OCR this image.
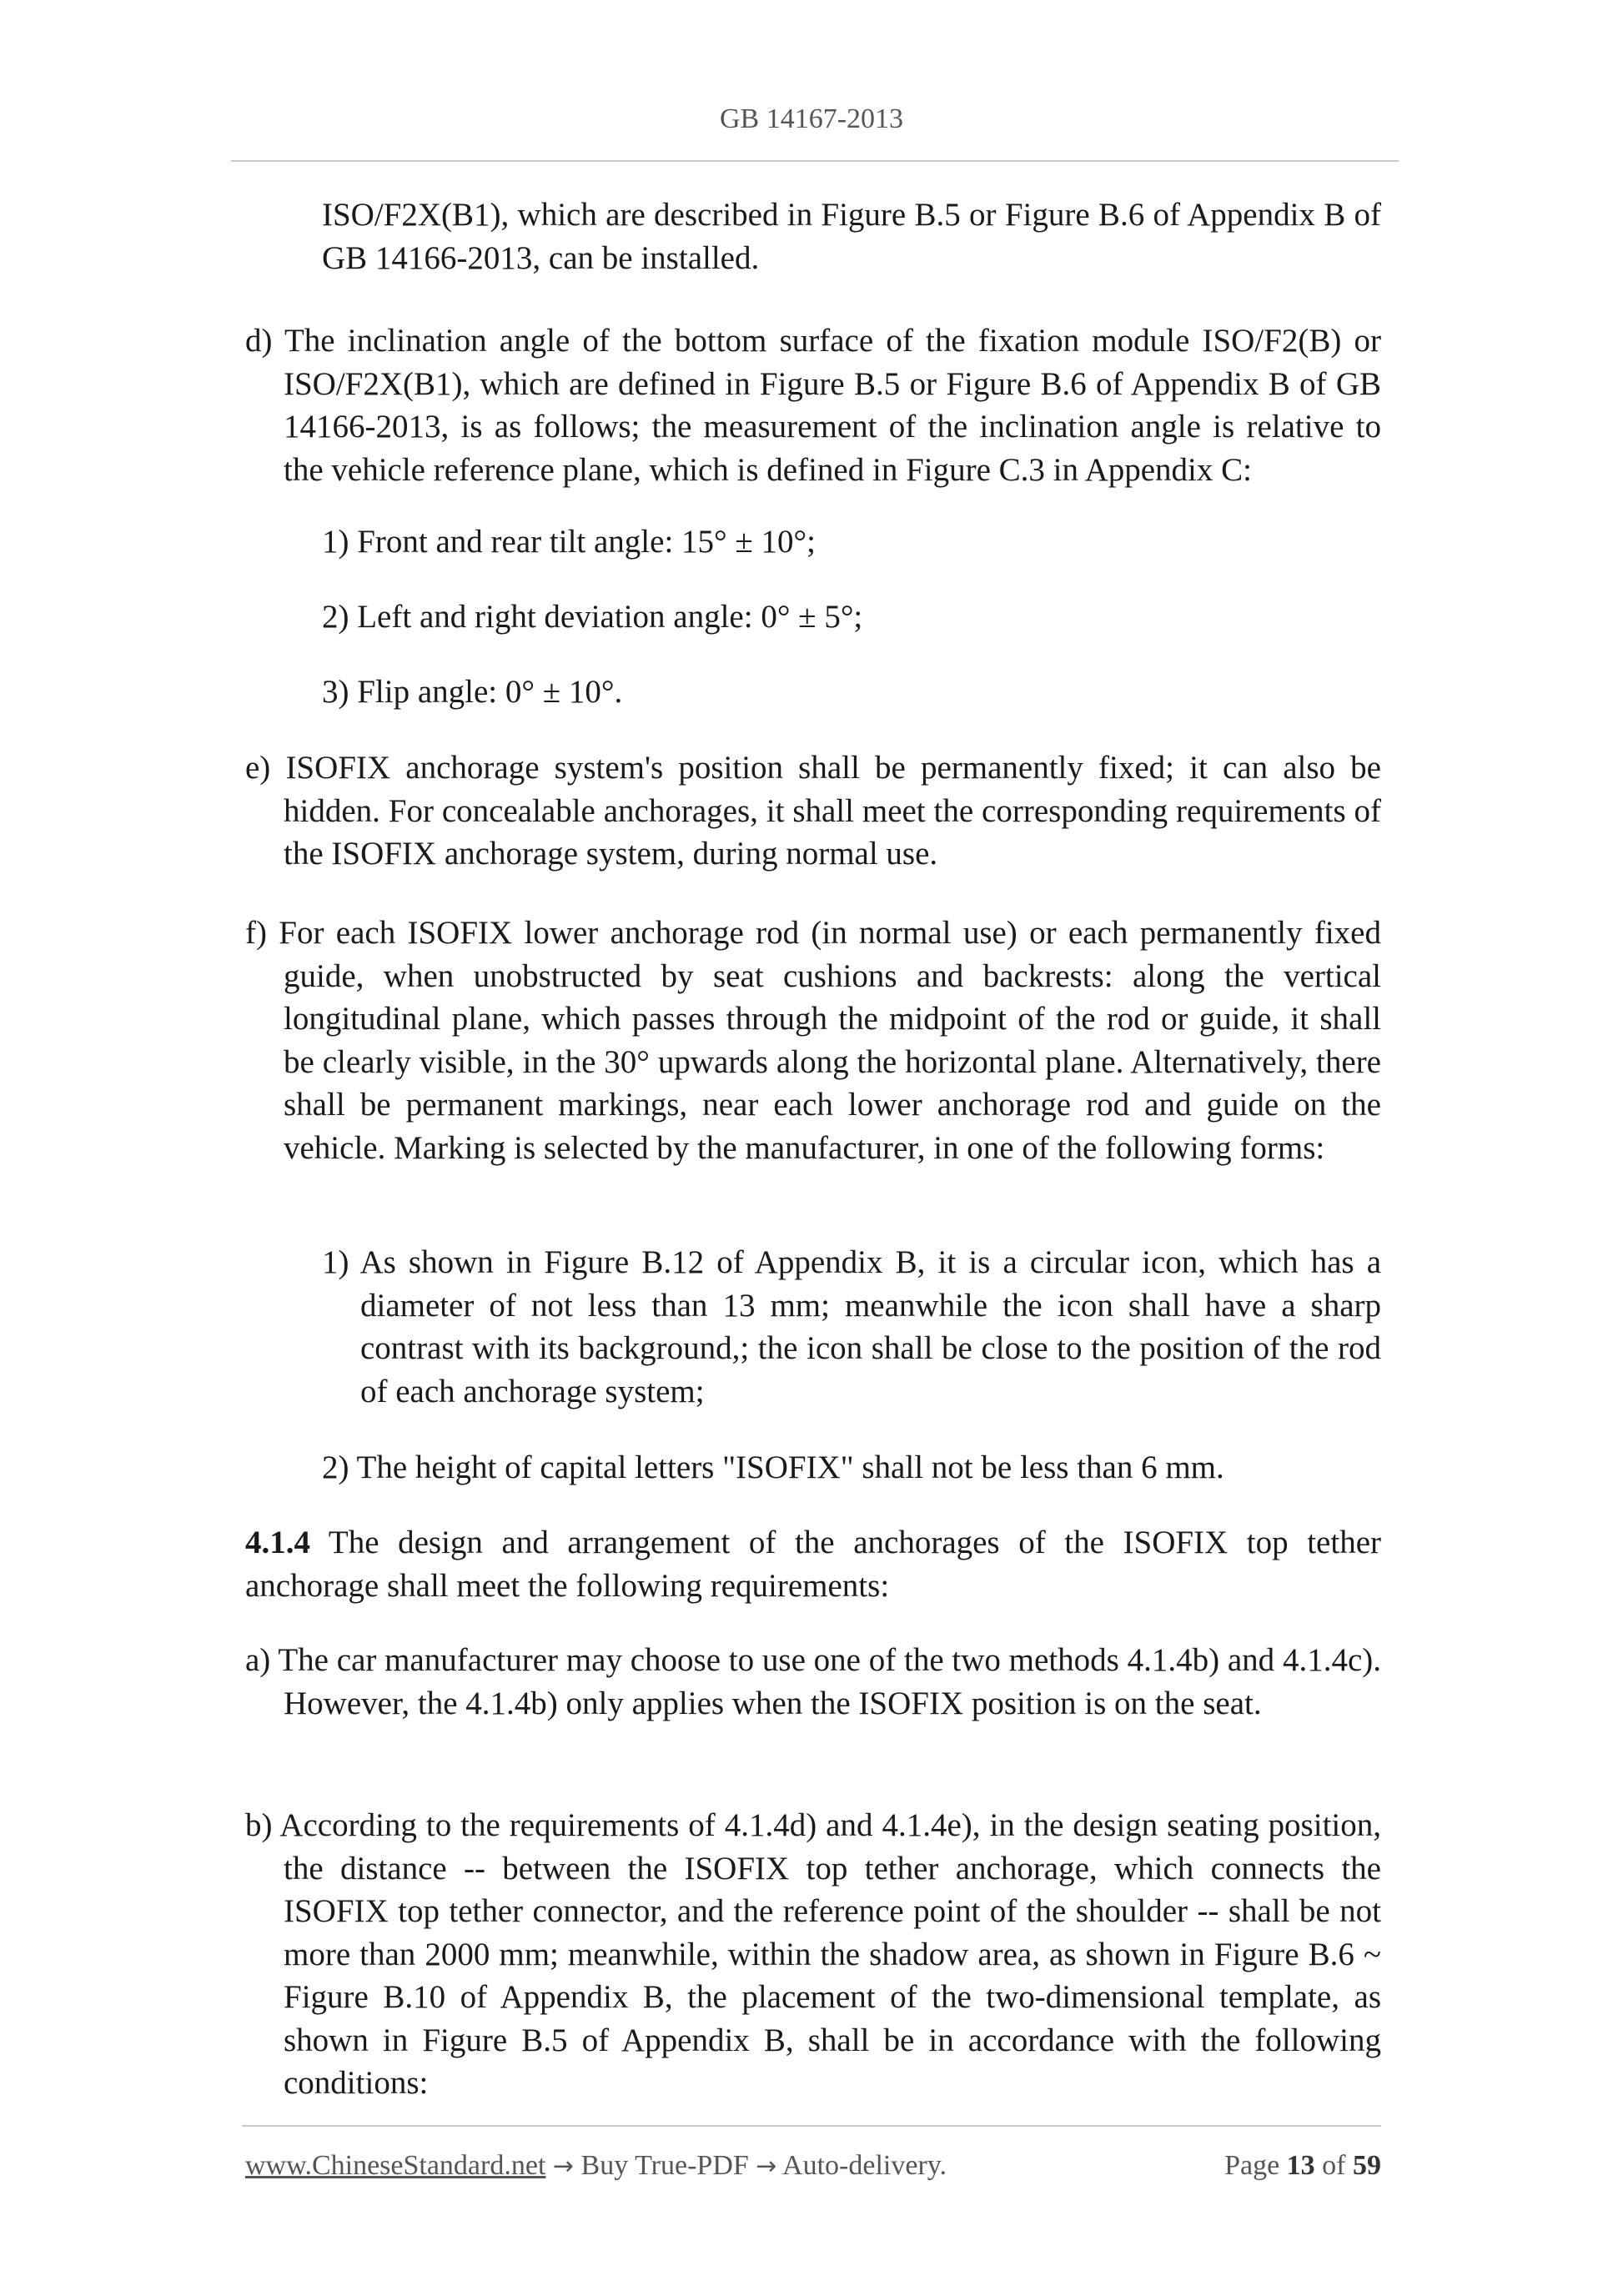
GB 14167-2013

ISO/F2X(B1), which are described in Figure B.5 or Figure B.6 of Appendix B of GB 14166-2013, can be installed.

d) The inclination angle of the bottom surface of the fixation module ISO/F2(B) or ISO/F2X(B1), which are defined in Figure B.5 or Figure B.6 of Appendix B of GB 14166-2013, is as follows; the measurement of the inclination angle is relative to the vehicle reference plane, which is defined in Figure C.3 in Appendix C:

1) Front and rear tilt angle: 15° ± 10°;

2) Left and right deviation angle: 0° ± 5°;

3) Flip angle: 0° ± 10°.

e) ISOFIX anchorage system's position shall be permanently fixed; it can also be hidden. For concealable anchorages, it shall meet the corresponding requirements of the ISOFIX anchorage system, during normal use.

f) For each ISOFIX lower anchorage rod (in normal use) or each permanently fixed guide, when unobstructed by seat cushions and backrests: along the vertical longitudinal plane, which passes through the midpoint of the rod or guide, it shall be clearly visible, in the 30° upwards along the horizontal plane. Alternatively, there shall be permanent markings, near each lower anchorage rod and guide on the vehicle. Marking is selected by the manufacturer, in one of the following forms:

1) As shown in Figure B.12 of Appendix B, it is a circular icon, which has a diameter of not less than 13 mm; meanwhile the icon shall have a sharp contrast with its background,; the icon shall be close to the position of the rod of each anchorage system;

2) The height of capital letters "ISOFIX" shall not be less than 6 mm.

4.1.4 The design and arrangement of the anchorages of the ISOFIX top tether anchorage shall meet the following requirements:

a) The car manufacturer may choose to use one of the two methods 4.1.4b) and 4.1.4c). However, the 4.1.4b) only applies when the ISOFIX position is on the seat.

b) According to the requirements of 4.1.4d) and 4.1.4e), in the design seating position, the distance -- between the ISOFIX top tether anchorage, which connects the ISOFIX top tether connector, and the reference point of the shoulder -- shall be not more than 2000 mm; meanwhile, within the shadow area, as shown in Figure B.6 ~ Figure B.10 of Appendix B, the placement of the two-dimensional template, as shown in Figure B.5 of Appendix B, shall be in accordance with the following conditions:

www.ChineseStandard.net → Buy True-PDF → Auto-delivery.	Page 13 of 59
